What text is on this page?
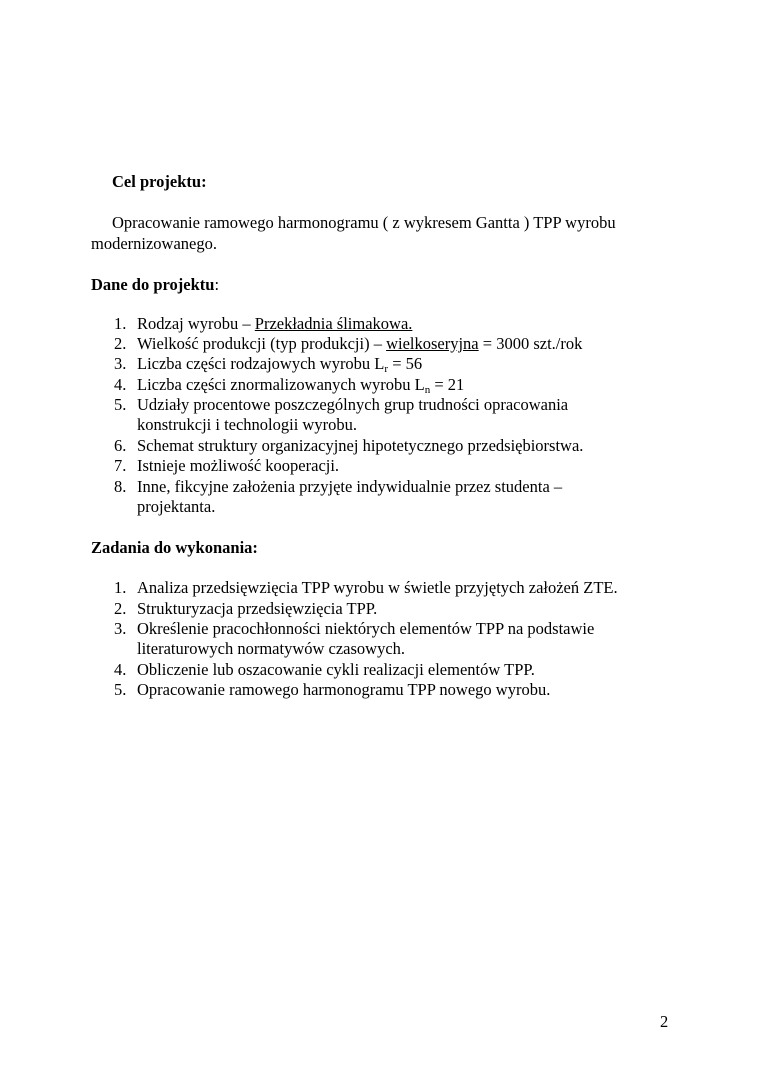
Cel projektu:
Opracowanie ramowego harmonogramu ( z wykresem Gantta ) TPP wyrobu
modernizowanego.
Dane do projektu:
1. Rodzaj wyrobu – Przekładnia ślimakowa.
2. Wielkość produkcji (typ produkcji) – wielkoseryjna = 3000 szt./rok
3. Liczba części rodzajowych wyrobu $L_r = 56$
4. Liczba części znormalizowanych wyrobu $L_n = 21$
5. Udziały procentowe poszczególnych grup trudności opracowania
konstrukcji i technologii wyrobu.
6. Schemat struktury organizacyjnej hipotetycznego przedsiębiorstwa.
7. Istnieje możliwość kooperacji.
8. Inne, fikcyjne założenia przyjęte indywidualnie przez studenta –
projektanta.
Zadania do wykonania:
1. Analiza przedsięwzięcia TPP wyrobu w świetle przyjętych założeń ZTE.
2. Strukturyzacja przedsięwzięcia TPP.
3. Określenie pracochłonności niektórych elementów TPP na podstawie
literaturowych normatywów czasowych.
4. Obliczenie lub oszacowanie cykli realizacji elementów TPP.
5. Opracowanie ramowego harmonogramu TPP nowego wyrobu.
2
